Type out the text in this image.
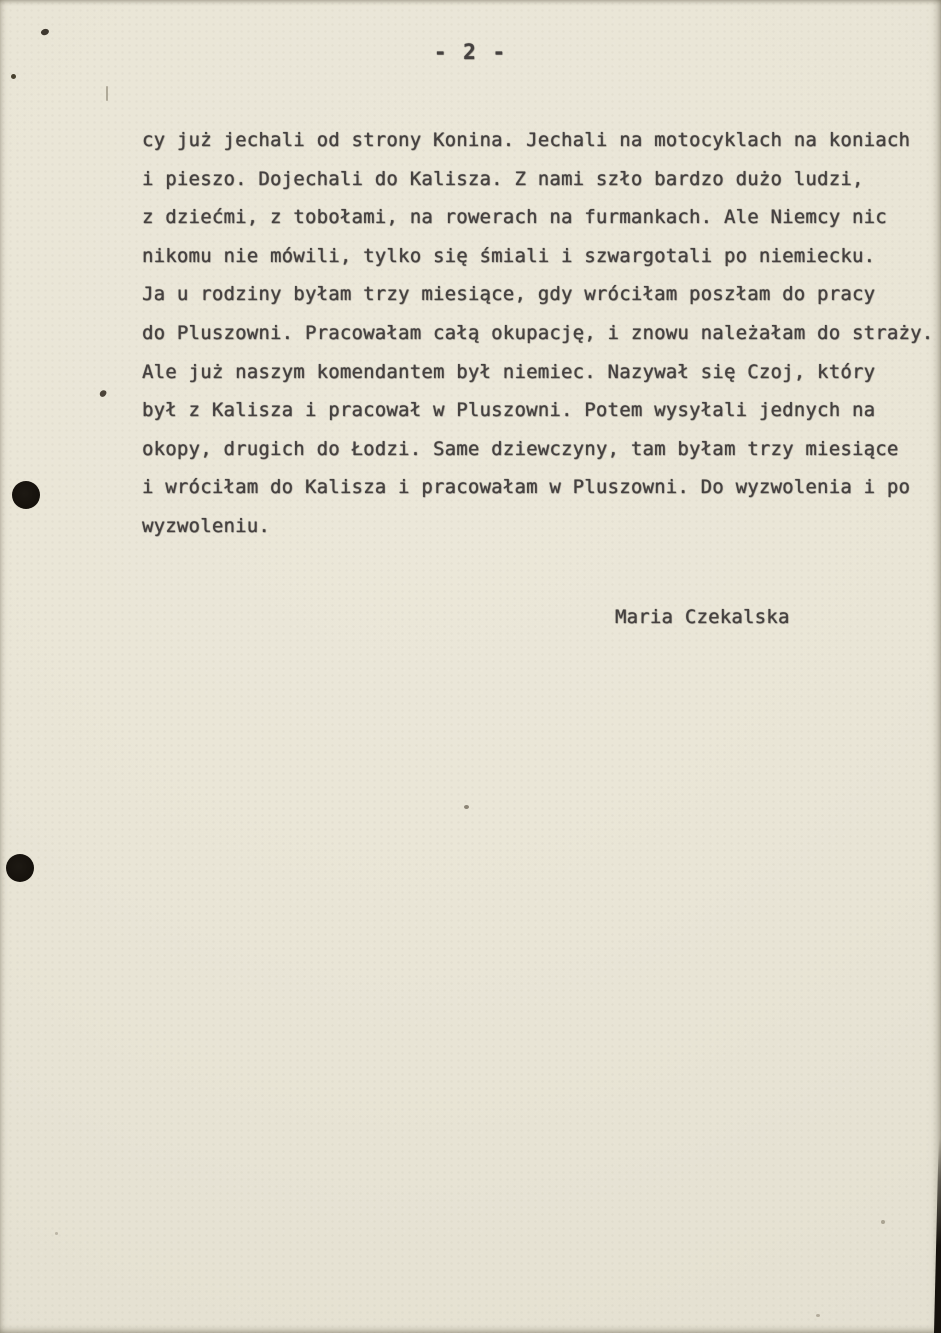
- 2 -
cy już jechali od strony Konina. Jechali na motocyklach na koniach
i pieszo. Dojechali do Kalisza. Z nami szło bardzo dużo ludzi,
z dziećmi, z tobołami, na rowerach na furmankach. Ale Niemcy nic
nikomu nie mówili, tylko się śmiali i szwargotali po niemiecku.
Ja u rodziny byłam trzy miesiące, gdy wróciłam poszłam do pracy
do Pluszowni. Pracowałam całą okupację, i znowu należałam do straży.
Ale już naszym komendantem był niemiec. Nazywał się Czoj, który
był z Kalisza i pracował w Pluszowni. Potem wysyłali jednych na
okopy, drugich do Łodzi. Same dziewczyny, tam byłam trzy miesiące
i wróciłam do Kalisza i pracowałam w Pluszowni. Do wyzwolenia i po
wyzwoleniu.
Maria Czekalska
